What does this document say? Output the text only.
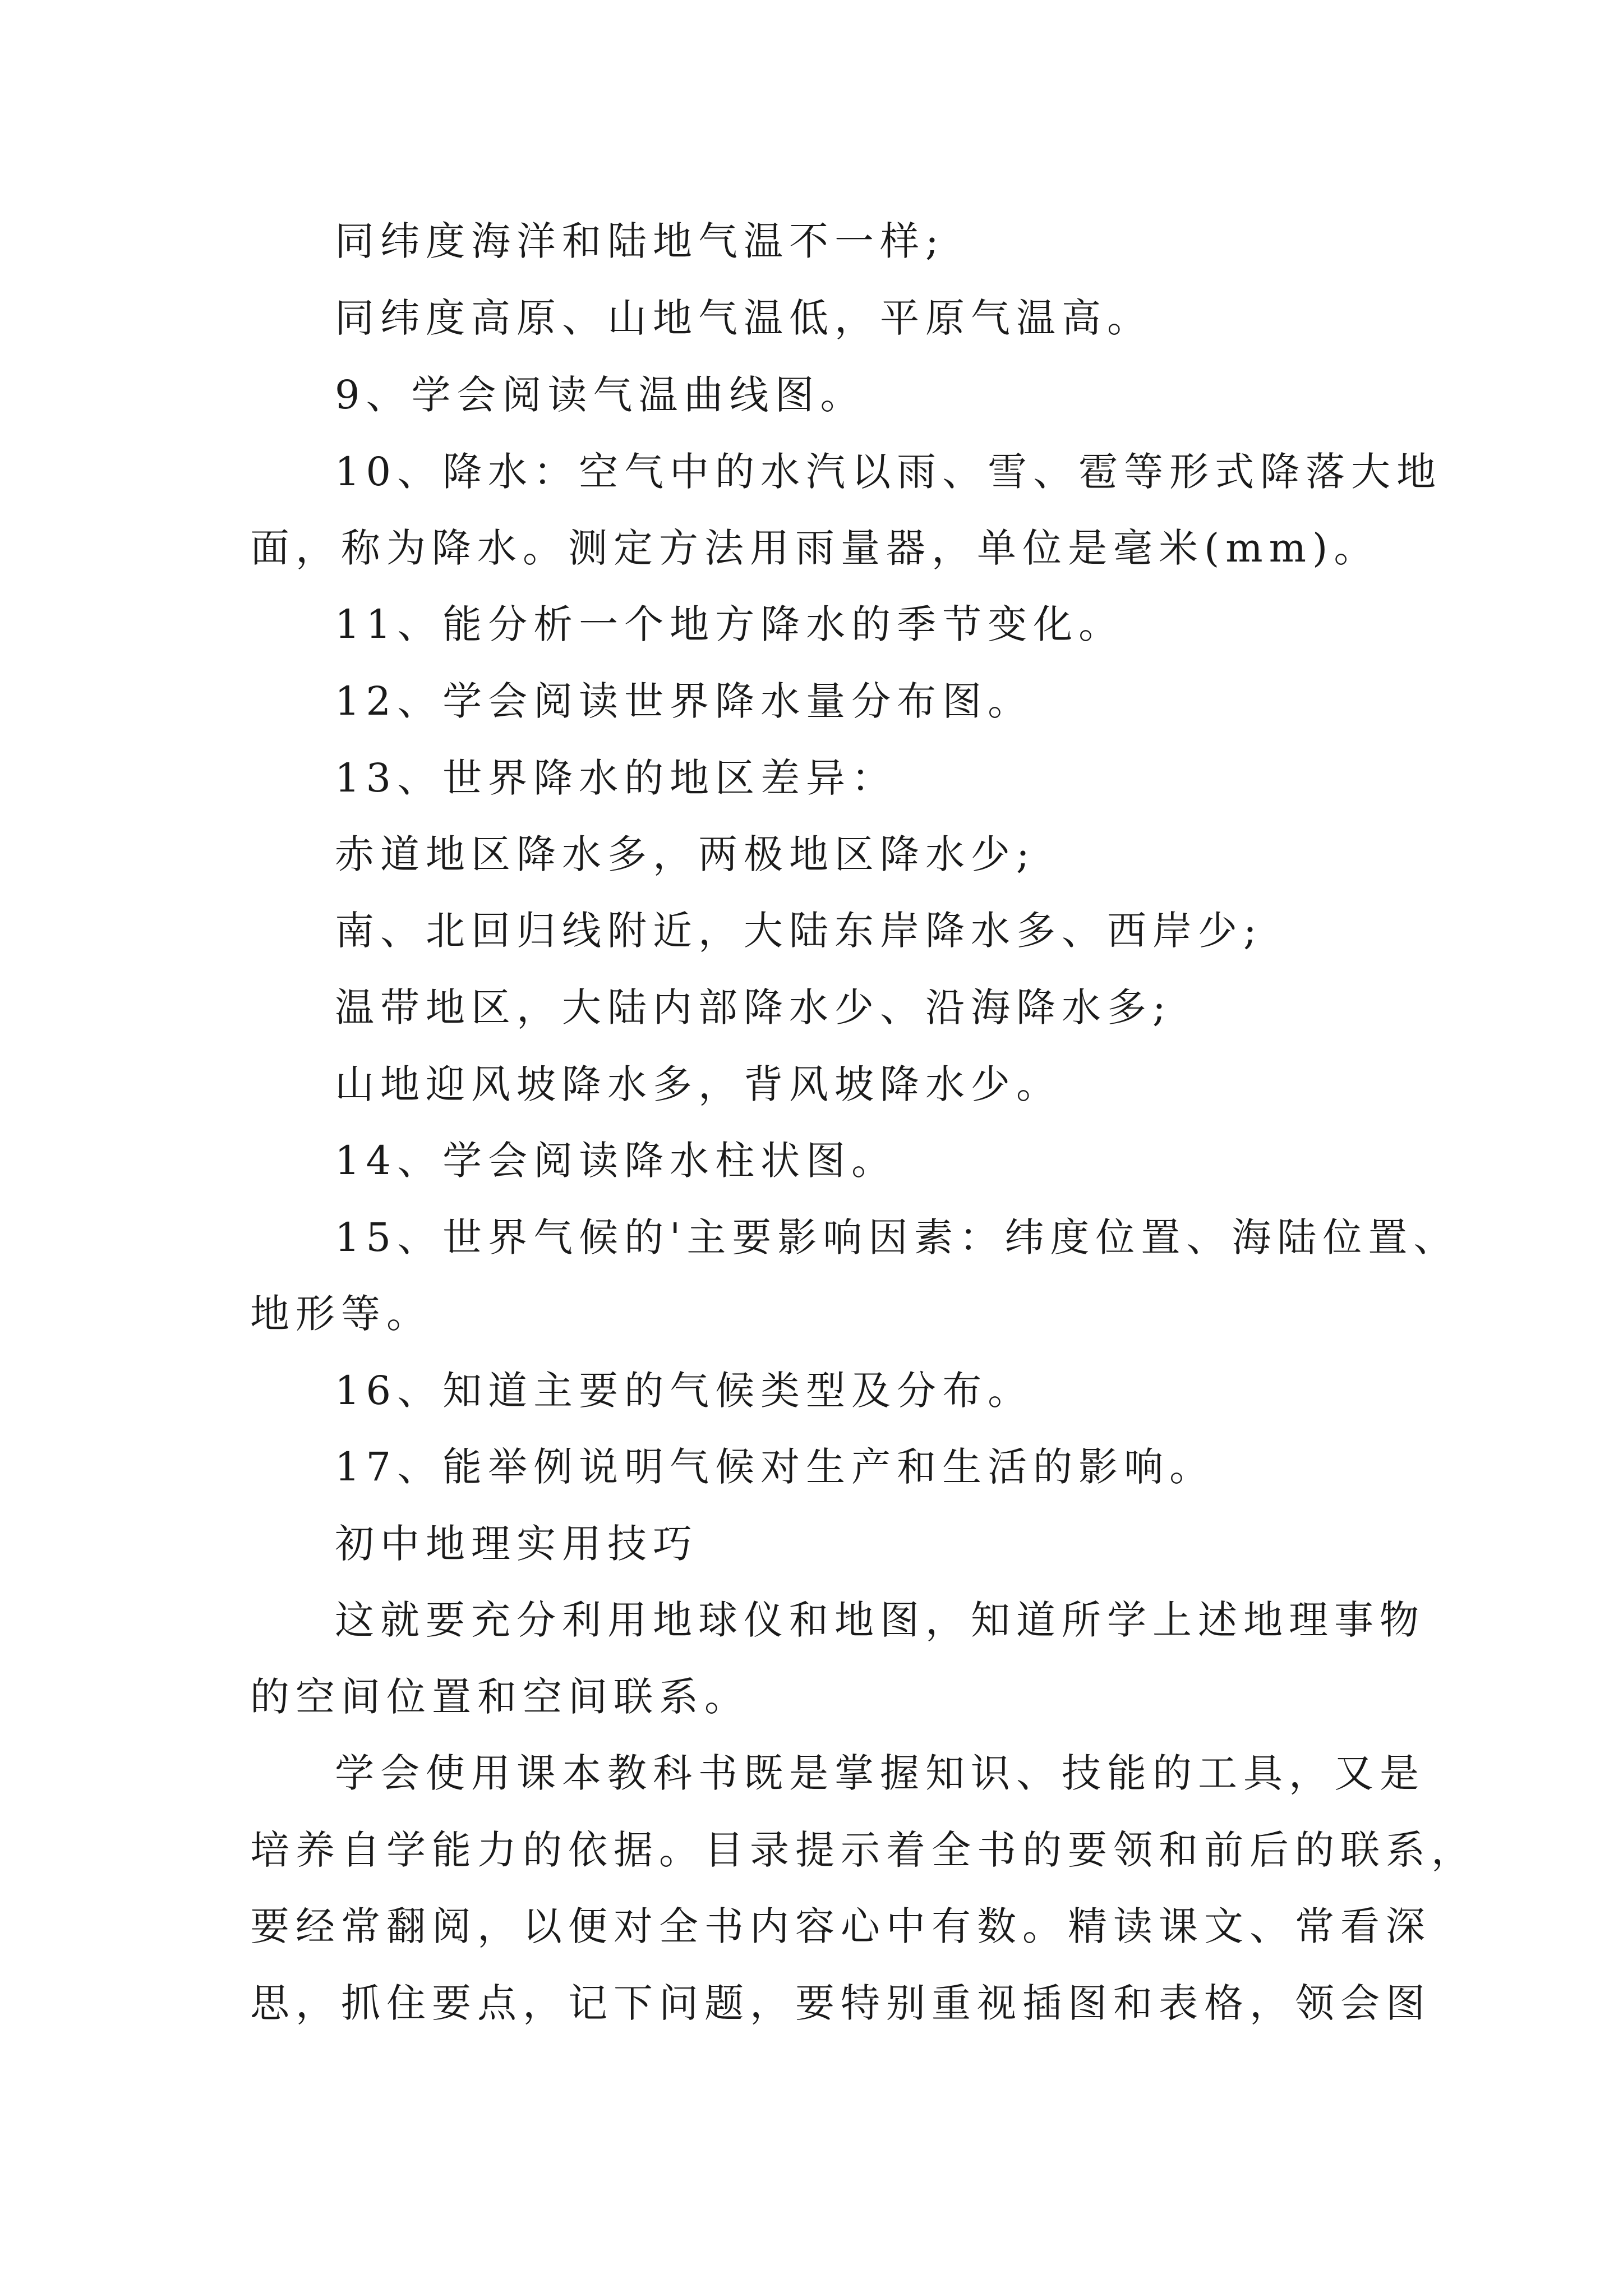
同纬度海洋和陆地气温不一样;
同纬度高原、山地气温低，平原气温高。
9、学会阅读气温曲线图。
10、降水：空气中的水汽以雨、雪、雹等形式降落大地
面，称为降水。测定方法用雨量器，单位是毫米(mm)。
11、能分析一个地方降水的季节变化。
12、学会阅读世界降水量分布图。
13、世界降水的地区差异：
赤道地区降水多，两极地区降水少;
南、北回归线附近，大陆东岸降水多、西岸少;
温带地区，大陆内部降水少、沿海降水多;
山地迎风坡降水多，背风坡降水少。
14、学会阅读降水柱状图。
15、世界气候的'主要影响因素：纬度位置、海陆位置、
地形等。
16、知道主要的气候类型及分布。
17、能举例说明气候对生产和生活的影响。
初中地理实用技巧
这就要充分利用地球仪和地图，知道所学上述地理事物
的空间位置和空间联系。
学会使用课本教科书既是掌握知识、技能的工具，又是
培养自学能力的依据。目录提示着全书的要领和前后的联系，
要经常翻阅，以便对全书内容心中有数。精读课文、常看深
思，抓住要点，记下问题，要特别重视插图和表格，领会图
